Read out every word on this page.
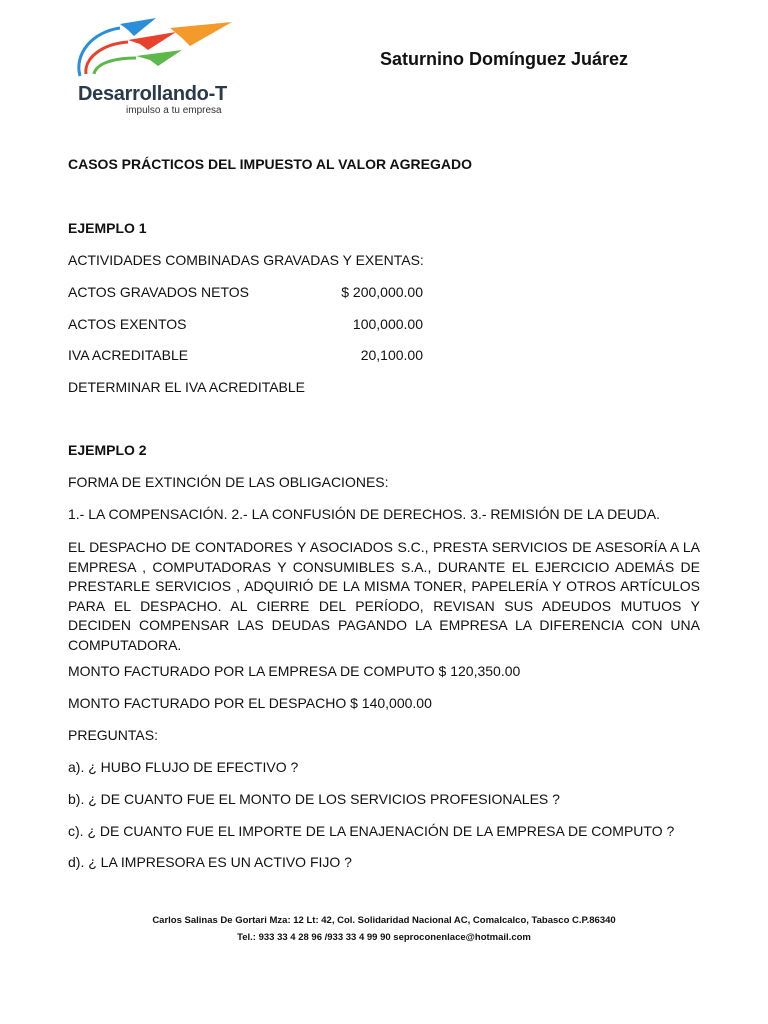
Desarrollando-T
impulso a tu empresa
Saturnino Domínguez Juárez
CASOS PRÁCTICOS DEL IMPUESTO AL VALOR AGREGADO
EJEMPLO 1
ACTIVIDADES COMBINADAS GRAVADAS Y EXENTAS:
ACTOS GRAVADOS NETOS	$ 200,000.00
ACTOS EXENTOS	100,000.00
IVA ACREDITABLE	20,100.00
DETERMINAR EL IVA ACREDITABLE
EJEMPLO 2
FORMA DE EXTINCIÓN DE LAS OBLIGACIONES:
1.- LA COMPENSACIÓN. 2.- LA CONFUSIÓN DE DERECHOS. 3.- REMISIÓN DE LA DEUDA.
EL DESPACHO DE CONTADORES Y ASOCIADOS S.C., PRESTA SERVICIOS DE ASESORÍA A LA EMPRESA , COMPUTADORAS Y CONSUMIBLES S.A., DURANTE EL EJERCICIO ADEMÁS DE PRESTARLE SERVICIOS , ADQUIRIÓ DE LA MISMA TONER, PAPELERÍA Y OTROS ARTÍCULOS PARA EL DESPACHO. AL CIERRE DEL PERÍODO, REVISAN SUS ADEUDOS MUTUOS Y DECIDEN COMPENSAR LAS DEUDAS PAGANDO LA EMPRESA LA DIFERENCIA CON UNA COMPUTADORA.
MONTO FACTURADO POR LA EMPRESA DE COMPUTO $ 120,350.00
MONTO FACTURADO POR EL DESPACHO $ 140,000.00
PREGUNTAS:
a). ¿ HUBO FLUJO DE EFECTIVO ?
b). ¿ DE CUANTO FUE EL MONTO DE LOS SERVICIOS PROFESIONALES ?
c). ¿ DE CUANTO FUE EL IMPORTE DE LA ENAJENACIÓN DE LA EMPRESA DE COMPUTO ?
d). ¿ LA IMPRESORA ES UN ACTIVO FIJO ?
Carlos Salinas De Gortari Mza: 12 Lt: 42, Col. Solidaridad Nacional AC, Comalcalco, Tabasco C.P.86340
Tel.: 933 33 4 28 96 /933 33 4 99 90 seproconenlace@hotmail.com
